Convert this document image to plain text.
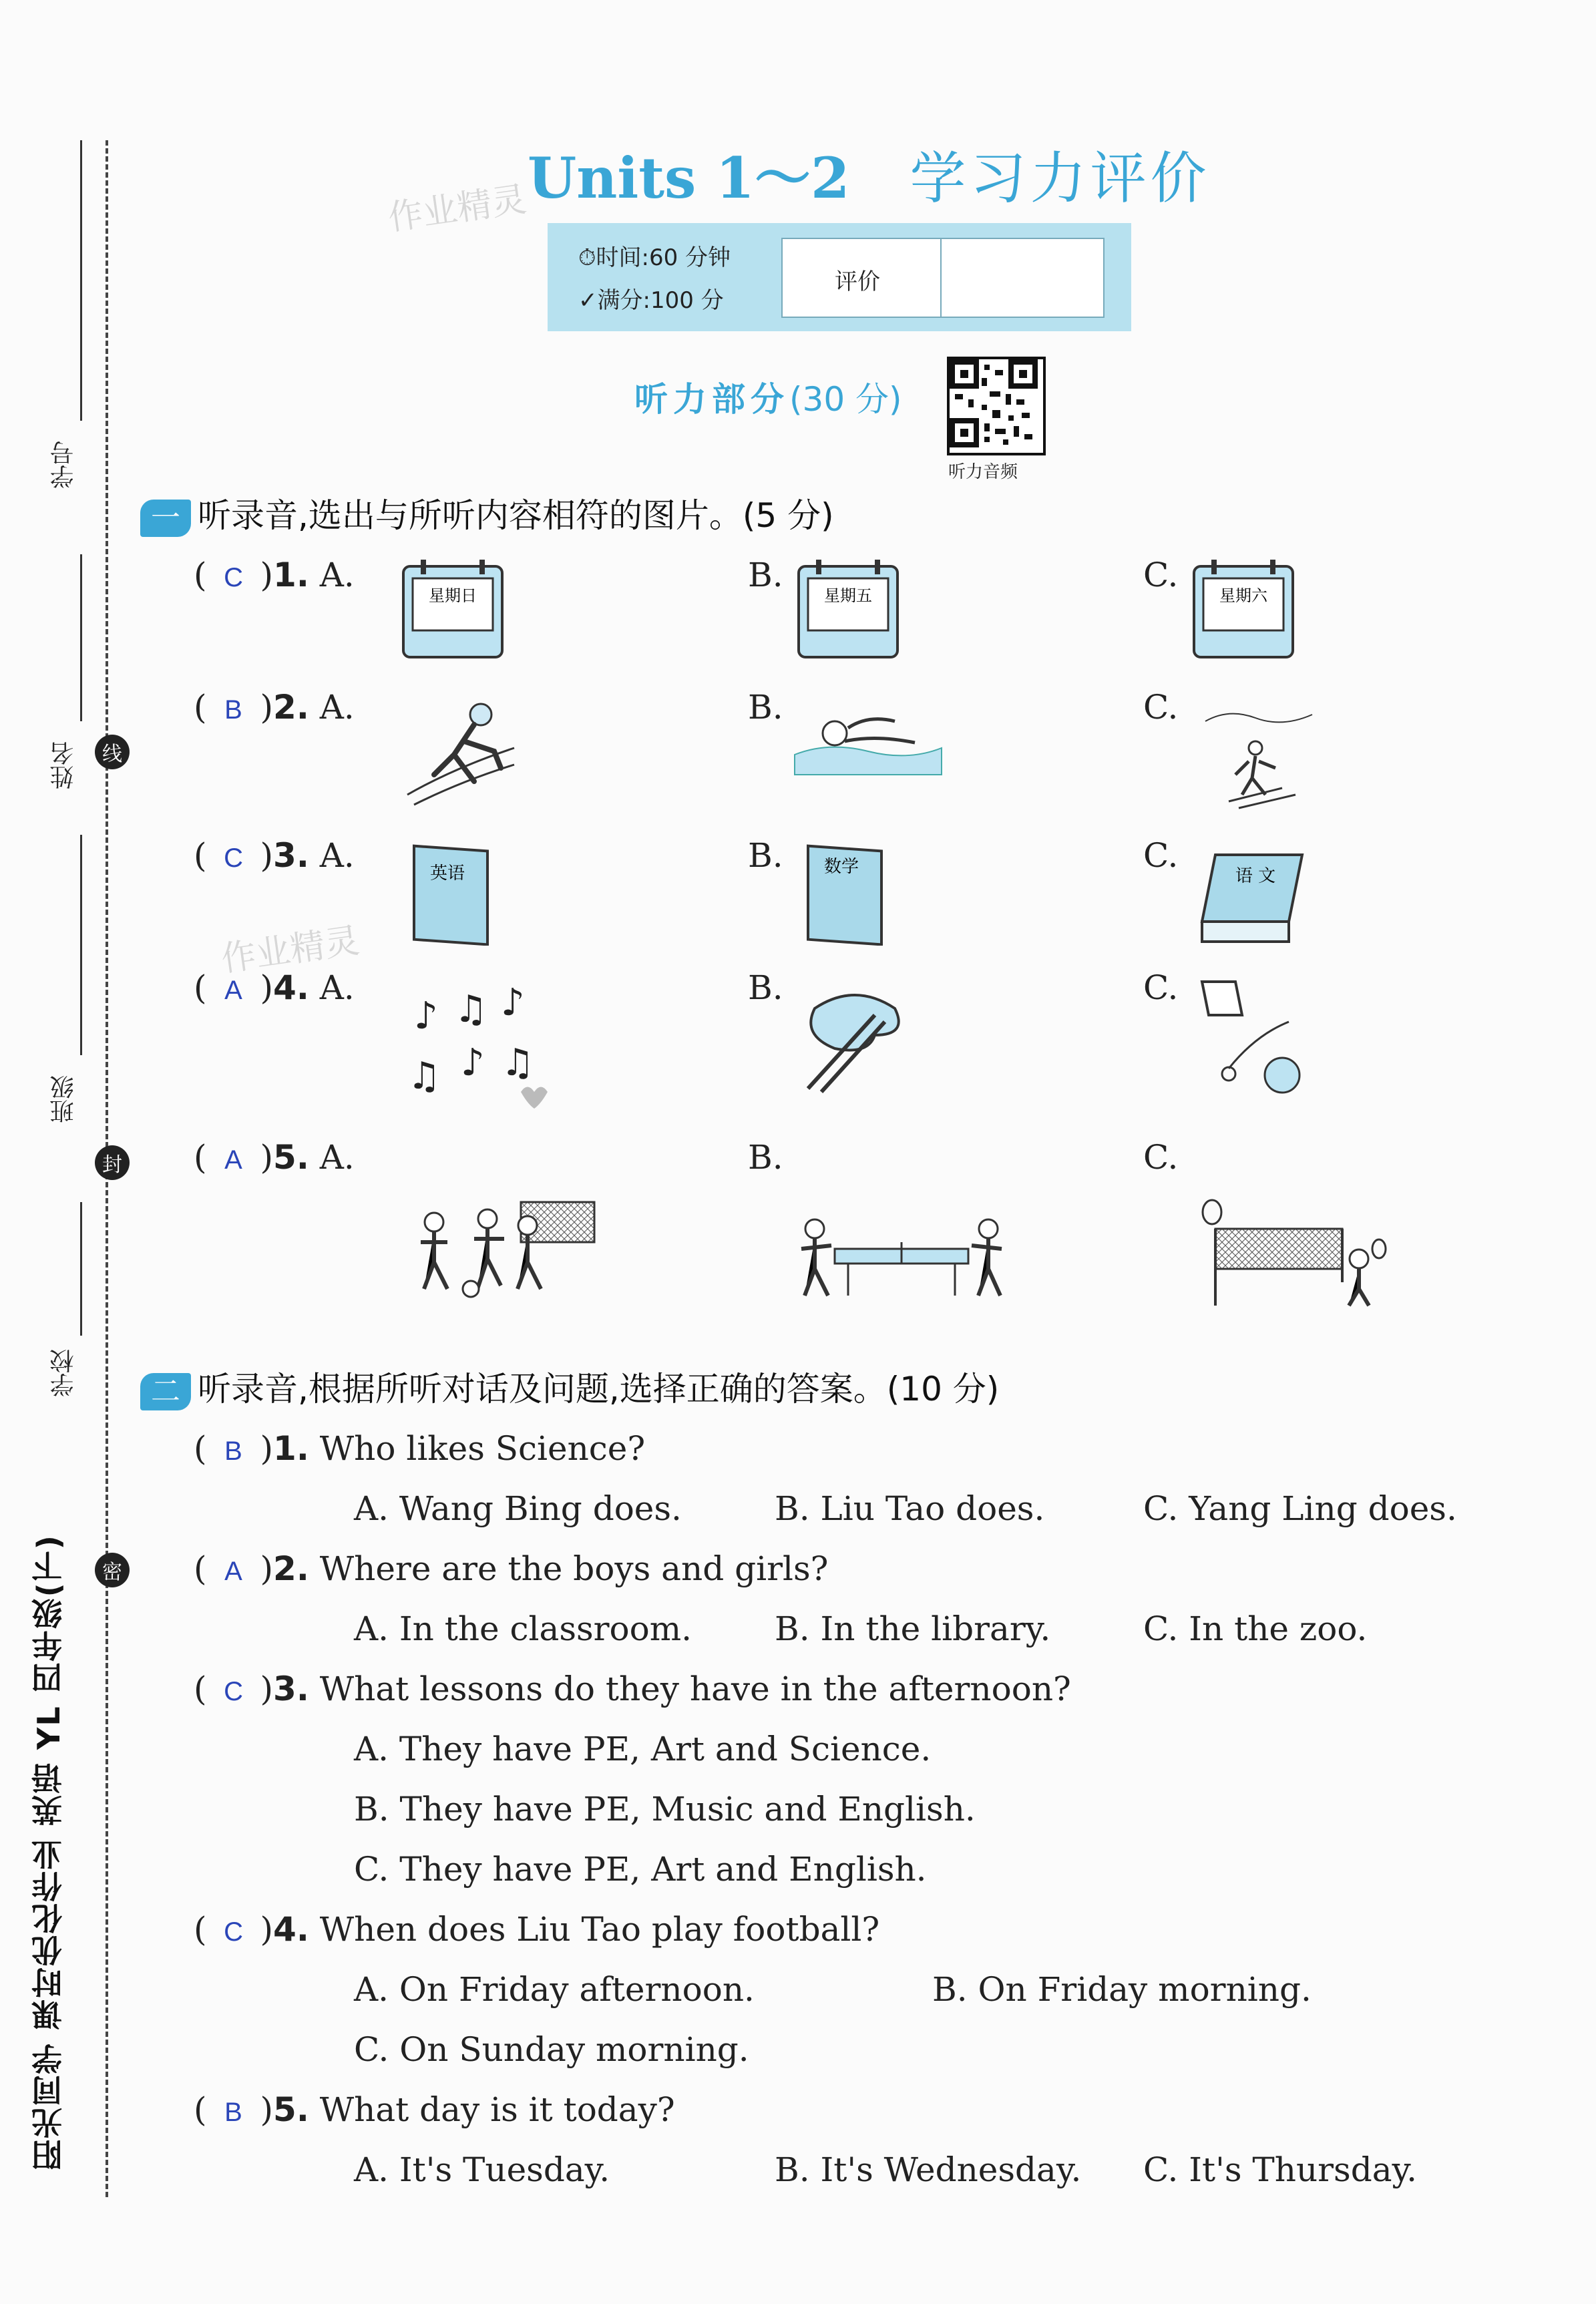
学号
姓名	线
班级
封
学校
密
阳光同学 课时优化作业 英语 YL 四年级(下)
Units 1～2 学习力评价
作业精灵
作业精灵
⏱时间:60 分钟
✓满分:100 分
评价
听力部分(30 分)
听力音频
一 听录音,选出与所听内容相符的图片。(5 分)
( C )1. A.	B.	C.
星期日	星期五	星期六
( B )2. A.	B.	C.
( C )3. A.	B.	C.
英语	数学	语 文
( A )4. A.	B.	C.
♪ ♫ ♪
♫ ♪ ♫
( A )5. A.	B.	C.
二 听录音,根据所听对话及问题,选择正确的答案。(10 分)
( B )1. Who likes Science?
A. Wang Bing does.	B. Liu Tao does.	C. Yang Ling does.
( A )2. Where are the boys and girls?
A. In the classroom. B. In the library.	C. In the zoo.
( C )3. What lessons do they have in the afternoon?
A. They have PE, Art and Science.
B. They have PE, Music and English.
C. They have PE, Art and English.
( C )4. When does Liu Tao play football?
A. On Friday afternoon.	B. On Friday morning.
C. On Sunday morning.
( B )5. What day is it today?
A. It's Tuesday.	B. It's Wednesday. C. It's Thursday.
